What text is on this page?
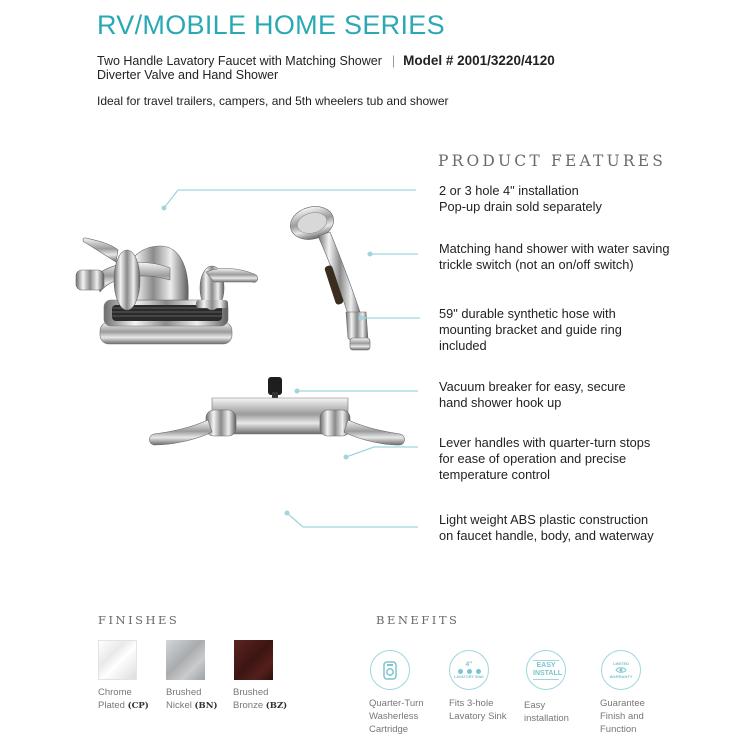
RV/MOBILE HOME SERIES
Two Handle Lavatory Faucet with Matching Shower | Model # 2001/3220/4120
Diverter Valve and Hand Shower
Ideal for travel trailers, campers, and 5th wheelers tub and shower
PRODUCT FEATURES
2 or 3 hole 4" installation
Pop-up drain sold separately
Matching hand shower with water saving
trickle switch (not an on/off switch)
59" durable synthetic hose with
mounting bracket and guide ring
included
Vacuum breaker for easy, secure
hand shower hook up
Lever handles with quarter-turn stops
for ease of operation and precise
temperature control
Light weight ABS plastic construction
on faucet handle, body, and waterway
FINISHES
Chrome
Plated (CP)
Brushed
Nickel (BN)
Brushed
Bronze (BZ)
BENEFITS
4"
LAVATORY SINK
EASY INSTALL
LIMITED
WARRANTY
Quarter-Turn
Washerless
Cartridge
Fits 3-hole
Lavatory Sink
Easy
installation
Guarantee
Finish and
Function
